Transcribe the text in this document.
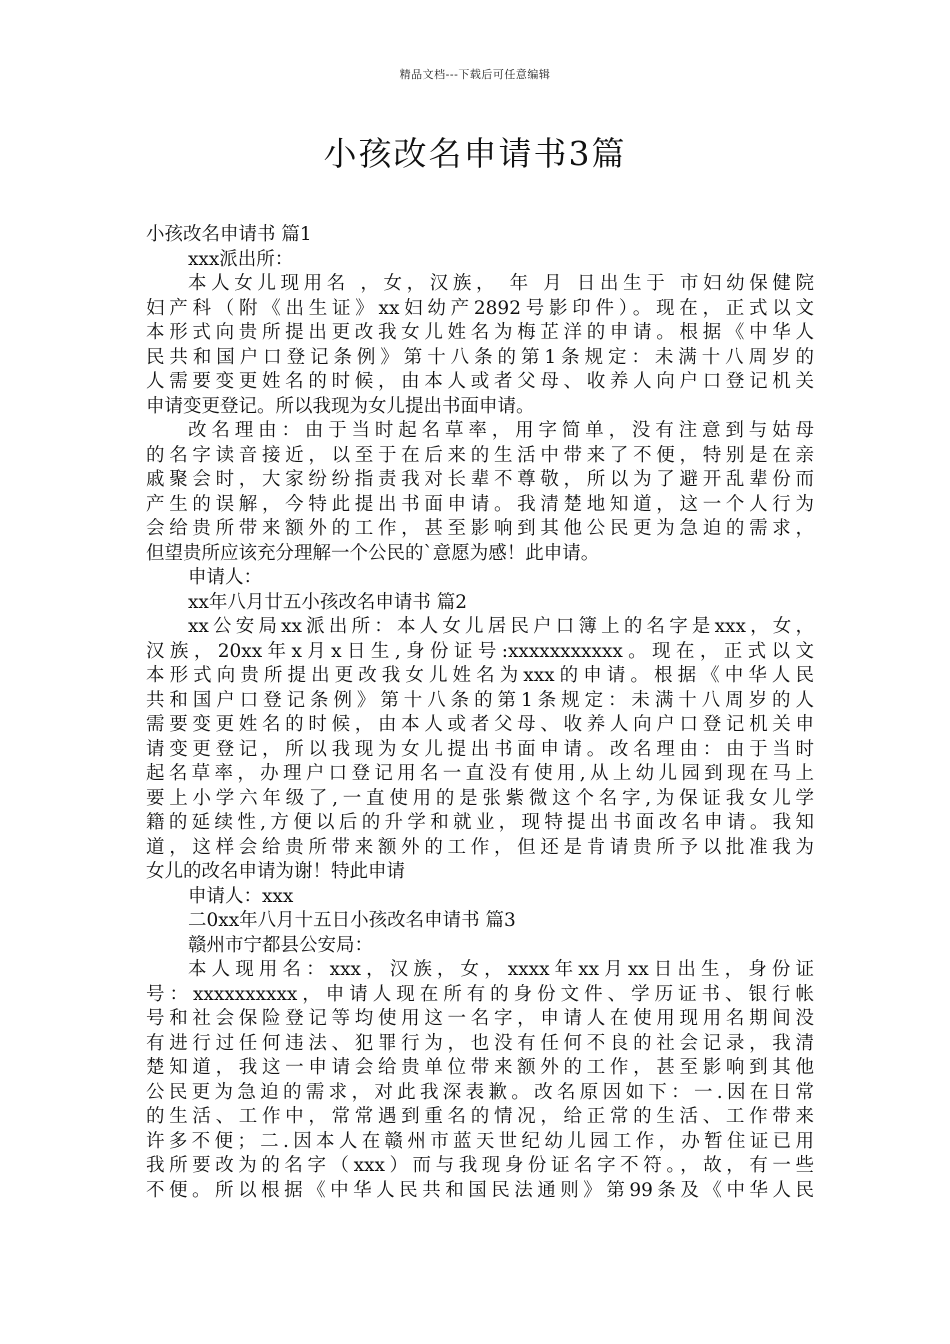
精品文档---下载后可任意编辑
小孩改名申请书3篇
小孩改名申请书 篇1
xxx派出所：
本人女儿现用名 ，女，汉族， 年 月 日出生于 市妇幼保健院
妇产科（附《出生证》xx妇幼产2892号影印件）。现在，正式以文
本形式向贵所提出更改我女儿姓名为梅芷洋的申请。根据《中华人
民共和国户口登记条例》第十八条的第1条规定：未满十八周岁的
人需要变更姓名的时候，由本人或者父母、收养人向户口登记机关
申请变更登记。所以我现为女儿提出书面申请。
改名理由：由于当时起名草率，用字简单，没有注意到与姑母
的名字读音接近，以至于在后来的生活中带来了不便，特别是在亲
戚聚会时，大家纷纷指责我对长辈不尊敬，所以为了避开乱辈份而
产生的误解，今特此提出书面申请。我清楚地知道，这一个人行为
会给贵所带来额外的工作，甚至影响到其他公民更为急迫的需求，
但望贵所应该充分理解一个公民的`意愿为感！此申请。
申请人：
xx年八月廿五小孩改名申请书 篇2
xx公安局xx派出所：本人女儿居民户口簿上的名字是xxx，女，
汉族，20xx年x月x日生,身份证号:xxxxxxxxxxx。现在，正式以文
本形式向贵所提出更改我女儿姓名为xxx的申请。根据《中华人民
共和国户口登记条例》第十八条的第1条规定：未满十八周岁的人
需要变更姓名的时候，由本人或者父母、收养人向户口登记机关申
请变更登记，所以我现为女儿提出书面申请。改名理由：由于当时
起名草率，办理户口登记用名一直没有使用,从上幼儿园到现在马上
要上小学六年级了,一直使用的是张紫微这个名字,为保证我女儿学
籍的延续性,方便以后的升学和就业，现特提出书面改名申请。我知
道，这样会给贵所带来额外的工作，但还是肯请贵所予以批准我为
女儿的改名申请为谢！特此申请
申请人：xxx
二0xx年八月十五日小孩改名申请书 篇3
赣州市宁都县公安局：
本人现用名：xxx，汉族，女，xxxx年xx月xx日出生，身份证
号：xxxxxxxxxx，申请人现在所有的身份文件、学历证书、银行帐
号和社会保险登记等均使用这一名字，申请人在使用现用名期间没
有进行过任何违法、犯罪行为，也没有任何不良的社会记录，我清
楚知道，我这一申请会给贵单位带来额外的工作，甚至影响到其他
公民更为急迫的需求，对此我深表歉。改名原因如下：一.因在日常
的生活、工作中，常常遇到重名的情况，给正常的生活、工作带来
许多不便；二.因本人在赣州市蓝天世纪幼儿园工作，办暂住证已用
我所要改为的名字（xxx）而与我现身份证名字不符。，故，有一些
不便。所以根据《中华人民共和国民法通则》第99条及《中华人民
